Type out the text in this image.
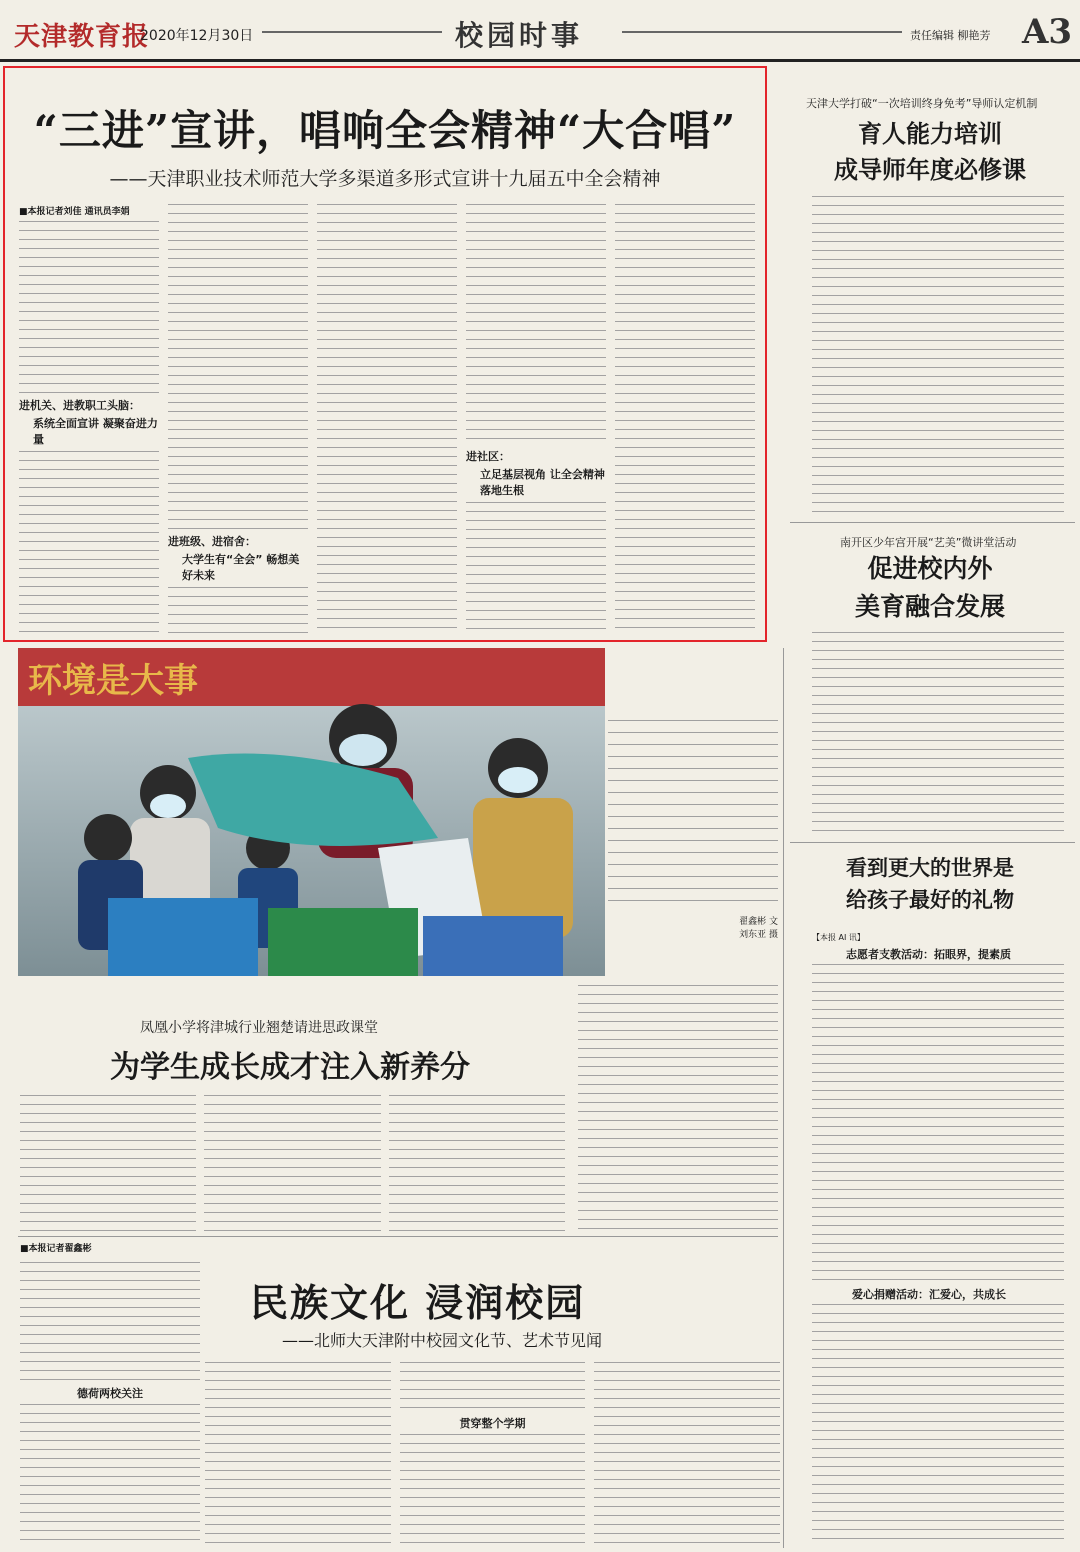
天津教育报
2020年12月30日	校园时事	责任编辑 柳艳芳 A3
“三进”宣讲，唱响全会精神“大合唱”
——天津职业技术师范大学多渠道多形式宣讲十九届五中全会精神
■本报记者刘佳 通讯员李娟
进机关、进教职工头脑：
系统全面宣讲 凝聚奋进力量
进班级、进宿舍：
大学生有“全会” 畅想美好未来
进社区：
立足基层视角 让全会精神落地生根
天津大学打破“一次培训终身免考”导师认定机制
育人能力培训
成导师年度必修课
南开区少年宫开展“艺美”微讲堂活动
促进校内外
美育融合发展
看到更大的世界是
给孩子最好的礼物
【本报 AI 讯】
志愿者支教活动：拓眼界，提素质
爱心捐赠活动：汇爱心，共成长
环境是大事
翟鑫彬 文
刘东亚 摄
凤凰小学将津城行业翘楚请进思政课堂
为学生成长成才注入新养分
■本报记者翟鑫彬
民族文化 浸润校园
——北师大天津附中校园文化节、艺术节见闻
德荷两校关注
贯穿整个学期
